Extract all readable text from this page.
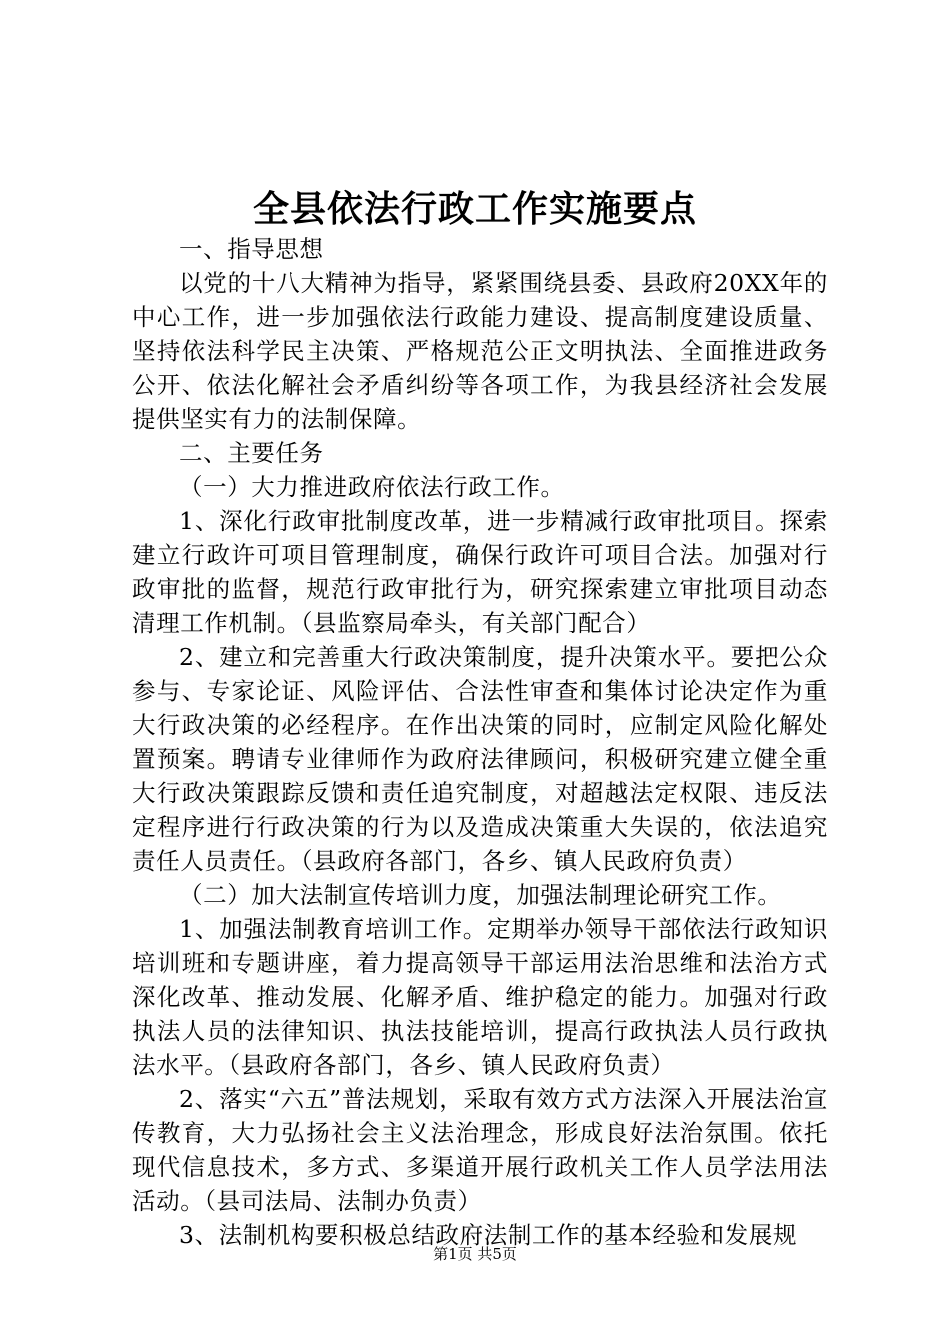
全县依法行政工作实施要点

一、指导思想

以党的十八大精神为指导，紧紧围绕县委、县政府20XX年的中心工作，进一步加强依法行政能力建设、提高制度建设质量、坚持依法科学民主决策、严格规范公正文明执法、全面推进政务公开、依法化解社会矛盾纠纷等各项工作，为我县经济社会发展提供坚实有力的法制保障。

二、主要任务

（一）大力推进政府依法行政工作。

1、深化行政审批制度改革，进一步精减行政审批项目。探索建立行政许可项目管理制度，确保行政许可项目合法。加强对行政审批的监督，规范行政审批行为，研究探索建立审批项目动态清理工作机制。（县监察局牵头，有关部门配合）

2、建立和完善重大行政决策制度，提升决策水平。要把公众参与、专家论证、风险评估、合法性审查和集体讨论决定作为重大行政决策的必经程序。在作出决策的同时，应制定风险化解处置预案。聘请专业律师作为政府法律顾问，积极研究建立健全重大行政决策跟踪反馈和责任追究制度，对超越法定权限、违反法定程序进行行政决策的行为以及造成决策重大失误的，依法追究责任人员责任。（县政府各部门，各乡、镇人民政府负责）

（二）加大法制宣传培训力度，加强法制理论研究工作。

1、加强法制教育培训工作。定期举办领导干部依法行政知识培训班和专题讲座，着力提高领导干部运用法治思维和法治方式深化改革、推动发展、化解矛盾、维护稳定的能力。加强对行政执法人员的法律知识、执法技能培训，提高行政执法人员行政执法水平。（县政府各部门，各乡、镇人民政府负责）

2、落实“六五”普法规划，采取有效方式方法深入开展法治宣传教育，大力弘扬社会主义法治理念，形成良好法治氛围。依托现代信息技术，多方式、多渠道开展行政机关工作人员学法用法活动。（县司法局、法制办负责）

3、法制机构要积极总结政府法制工作的基本经验和发展规

第1页 共5页
